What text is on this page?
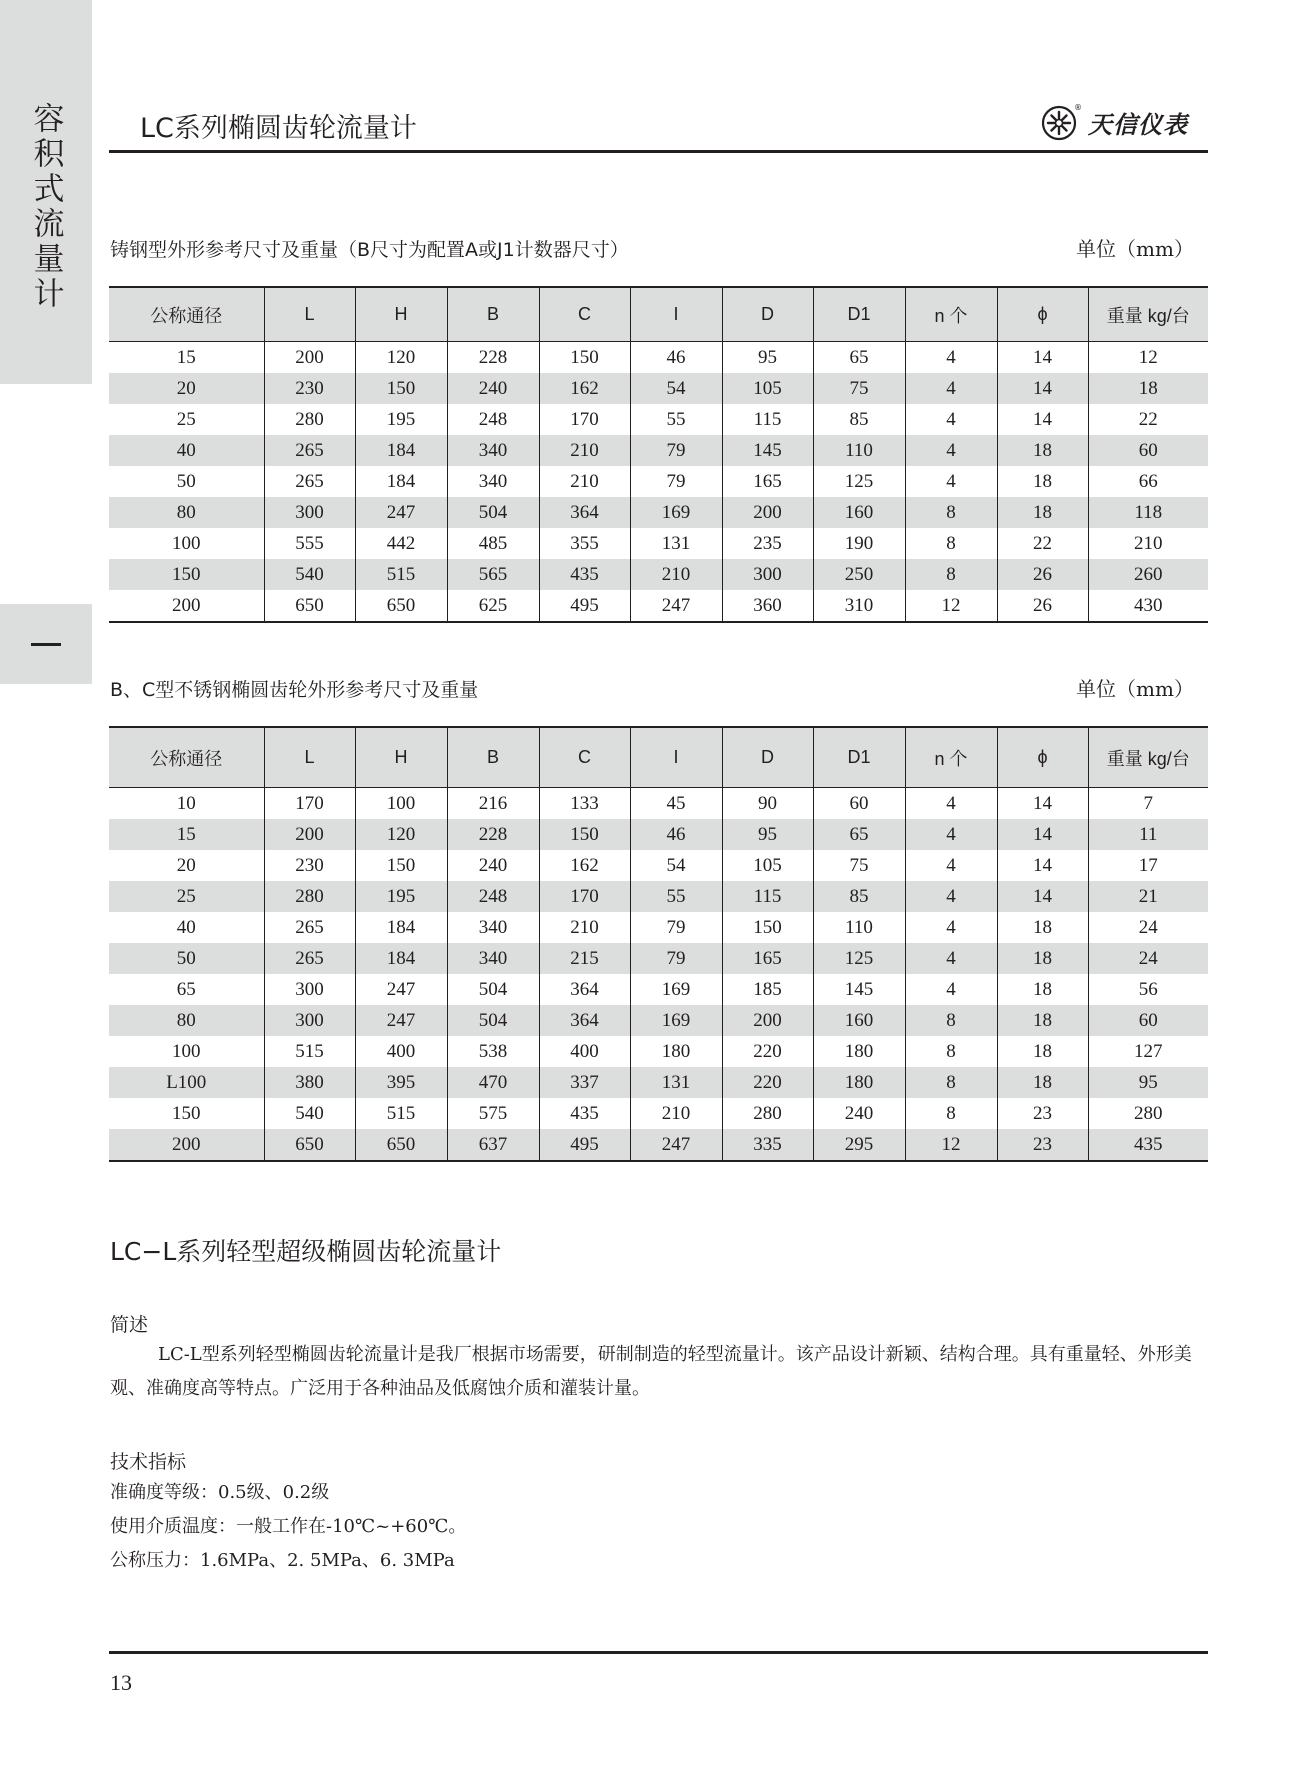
容积式流量计	LC系列椭圆齿轮流量计
®
天信仪表
铸钢型外形参考尺寸及重量（B尺寸为配置A或J1计数器尺寸）	单位（mm）
公称通径	L	H	B	C	I	D	D1	n 个	ϕ	重量 kg/台
15	200	120	228	150	46	95	65	4	14	12
20	230	150	240	162	54	105	75	4	14	18
25	280	195	248	170	55	115	85	4	14	22
40	265	184	340	210	79	145	110	4	18	60
50	265	184	340	210	79	165	125	4	18	66
80	300	247	504	364	169	200	160	8	18	118
100	555	442	485	355	131	235	190	8	22	210
150	540	515	565	435	210	300	250	8	26	260
200	650	650	625	495	247	360	310	12	26	430
B、C型不锈钢椭圆齿轮外形参考尺寸及重量	单位（mm）
公称通径	L	H	B	C	I	D	D1	n 个	ϕ	重量 kg/台
10	170	100	216	133	45	90	60	4	14	7
15	200	120	228	150	46	95	65	4	14	11
20	230	150	240	162	54	105	75	4	14	17
25	280	195	248	170	55	115	85	4	14	21
40	265	184	340	210	79	150	110	4	18	24
50	265	184	340	215	79	165	125	4	18	24
65	300	247	504	364	169	185	145	4	18	56
80	300	247	504	364	169	200	160	8	18	60
100	515	400	538	400	180	220	180	8	18	127
L100	380	395	470	337	131	220	180	8	18	95
150	540	515	575	435	210	280	240	8	23	280
200	650	650	637	495	247	335	295	12	23	435
LC−L系列轻型超级椭圆齿轮流量计
简述
LC-L型系列轻型椭圆齿轮流量计是我厂根据市场需要，研制制造的轻型流量计。该产品设计新颖、结构合理。具有重量轻、外形美观、准确度高等特点。广泛用于各种油品及低腐蚀介质和灌装计量。
技术指标
准确度等级：0.5级、0.2级
使用介质温度：一般工作在-10℃~+60℃。
公称压力：1.6MPa、2. 5MPa、6. 3MPa
13
